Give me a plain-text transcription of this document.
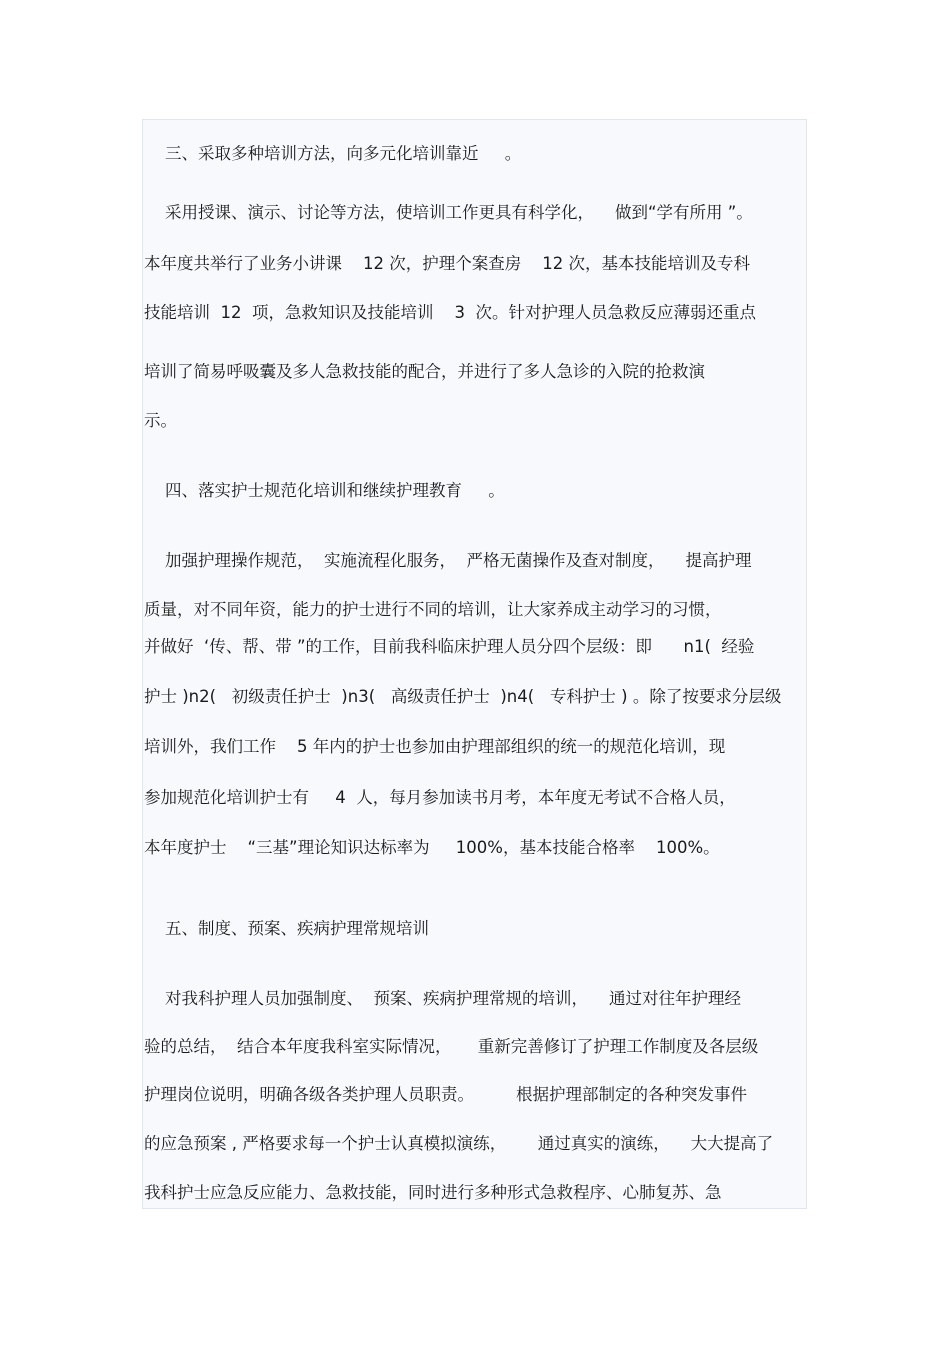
三、采取多种培训方法，向多元化培训靠近     。

采用授课、演示、讨论等方法，使培训工作更具有科学化，    做到“学有所用 ”。

本年度共举行了业务小讲课    12 次，护理个案查房    12 次，基本技能培训及专科

技能培训  12  项，急救知识及技能培训    3  次。针对护理人员急救反应薄弱还重点

培训了简易呼吸囊及多人急救技能的配合，并进行了多人急诊的入院的抢救演

示。

四、落实护士规范化培训和继续护理教育     。

加强护理操作规范，  实施流程化服务，  严格无菌操作及查对制度，    提高护理

质量，对不同年资，能力的护士进行不同的培训，让大家养成主动学习的习惯，

并做好  ‘传、帮、带 ”的工作，目前我科临床护理人员分四个层级：即      n1(  经验

护士 )n2(   初级责任护士  )n3(   高级责任护士  )n4(   专科护士 ) 。除了按要求分层级

培训外，我们工作    5 年内的护士也参加由护理部组织的统一的规范化培训，现

参加规范化培训护士有     4  人，每月参加读书月考，本年度无考试不合格人员，

本年度护士    “三基”理论知识达标率为     100%，基本技能合格率    100%。

五、制度、预案、疾病护理常规培训

对我科护理人员加强制度、  预案、疾病护理常规的培训，    通过对往年护理经

验的总结，  结合本年度我科室实际情况，     重新完善修订了护理工作制度及各层级

护理岗位说明，明确各级各类护理人员职责。        根据护理部制定的各种突发事件

的应急预案 , 严格要求每一个护士认真模拟演练，      通过真实的演练，    大大提高了

我科护士应急反应能力、急救技能，同时进行多种形式急救程序、心肺复苏、急
